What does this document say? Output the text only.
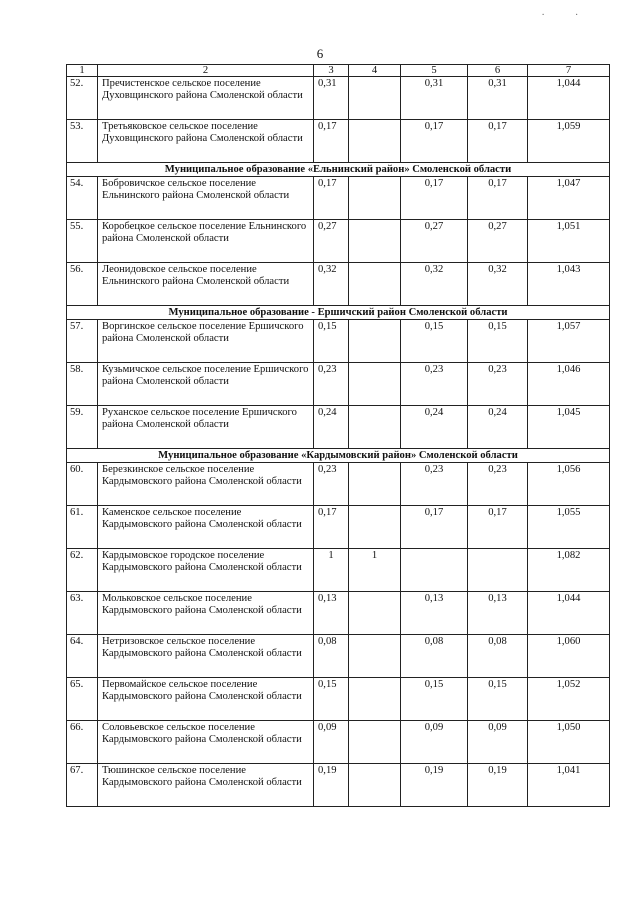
. .
6
1	2	3	4	5	6	7
52.	Пречистенское сельское поселение Духовщинского района Смоленской области	0,31		0,31	0,31	1,044
53.	Третьяковское сельское поселение Духовщинского района Смоленской области	0,17		0,17	0,17	1,059
Муниципальное образование «Ельнинский район» Смоленской области						
54.	Бобровичское сельское поселение Ельнинского района Смоленской области	0,17		0,17	0,17	1,047
55.	Коробецкое сельское поселение Ельнинского района Смоленской области	0,27		0,27	0,27	1,051
56.	Леонидовское сельское поселение Ельнинского района Смоленской области	0,32		0,32	0,32	1,043
Муниципальное образование - Ершичский район Смоленской области						
57.	Воргинское сельское поселение Ершичского района Смоленской области	0,15		0,15	0,15	1,057
58.	Кузьмичское сельское поселение Ершичского района Смоленской области	0,23		0,23	0,23	1,046
59.	Руханское сельское поселение Ершичского района Смоленской области	0,24		0,24	0,24	1,045
Муниципальное образование «Кардымовский район» Смоленской области						
60.	Березкинское сельское поселение Кардымовского района Смоленской области	0,23		0,23	0,23	1,056
61.	Каменское сельское поселение Кардымовского района Смоленской области	0,17		0,17	0,17	1,055
62.	Кардымовское городское поселение Кардымовского района Смоленской области	1	1			1,082
63.	Мольковское сельское поселение Кардымовского района Смоленской области	0,13		0,13	0,13	1,044
64.	Нетризовское сельское поселение Кардымовского района Смоленской области	0,08		0,08	0,08	1,060
65.	Первомайское сельское поселение Кардымовского района Смоленской области	0,15		0,15	0,15	1,052
66.	Соловьевское сельское поселение Кардымовского района Смоленской области	0,09		0,09	0,09	1,050
67.	Тюшинское сельское поселение Кардымовского района Смоленской области	0,19		0,19	0,19	1,041
